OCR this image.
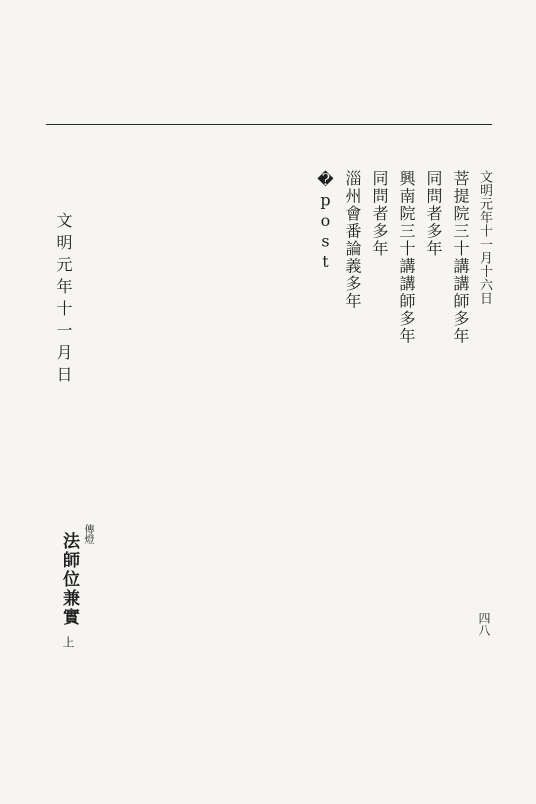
文明元年十一月十六日
四八
菩提院三十講講師多年
同問者多年
興南院三十講講師多年
同問者多年
淄州會番論義多年
�post
文明元年十一月日
傳燈
法師位兼實
上
